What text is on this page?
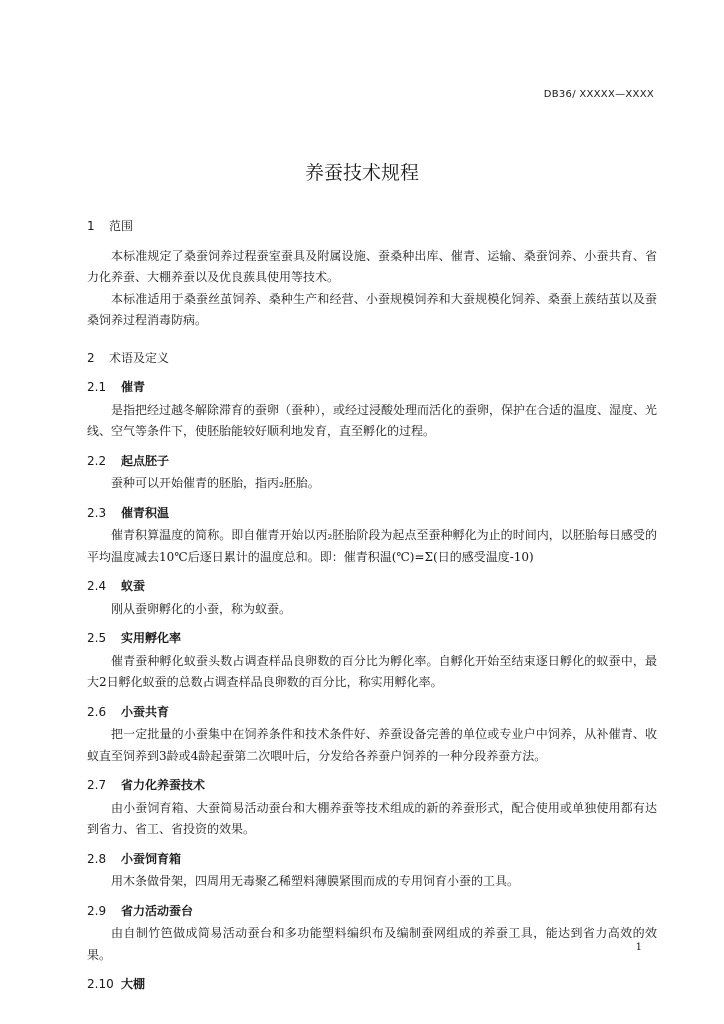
DB36/ XXXXX—XXXX
养蚕技术规程
1 范围

本标准规定了桑蚕饲养过程蚕室蚕具及附属设施、蚕桑种出库、催青、运输、桑蚕饲养、小蚕共育、省力化养蚕、大棚养蚕以及优良蔟具使用等技术。

本标准适用于桑蚕丝茧饲养、桑种生产和经营、小蚕规模饲养和大蚕规模化饲养、桑蚕上蔟结茧以及蚕桑饲养过程消毒防病。

2 术语及定义
2.1 催青

是指把经过越冬解除滞育的蚕卵（蚕种），或经过浸酸处理而活化的蚕卵，保护在合适的温度、湿度、光线、空气等条件下，使胚胎能较好顺利地发育，直至孵化的过程。

2.2 起点胚子

蚕种可以开始催青的胚胎，指丙₂胚胎。

2.3 催青积温

催青积算温度的简称。即自催青开始以丙₂胚胎阶段为起点至蚕种孵化为止的时间内，以胚胎每日感受的平均温度减去10℃后逐日累计的温度总和。即：催青积温(℃)=Σ(日的感受温度-10)

2.4 蚁蚕

刚从蚕卵孵化的小蚕，称为蚁蚕。

2.5 实用孵化率

催青蚕种孵化蚁蚕头数占调查样品良卵数的百分比为孵化率。自孵化开始至结束逐日孵化的蚁蚕中，最大2日孵化蚁蚕的总数占调查样品良卵数的百分比，称实用孵化率。

2.6 小蚕共育

把一定批量的小蚕集中在饲养条件和技术条件好、养蚕设备完善的单位或专业户中饲养，从补催青、收蚁直至饲养到3龄或4龄起蚕第二次喂叶后，分发给各养蚕户饲养的一种分段养蚕方法。

2.7 省力化养蚕技术

由小蚕饲育箱、大蚕简易活动蚕台和大棚养蚕等技术组成的新的养蚕形式，配合使用或单独使用都有达到省力、省工、省投资的效果。

2.8 小蚕饲育箱

用木条做骨架，四周用无毒聚乙稀塑料薄膜紧围而成的专用饲育小蚕的工具。

2.9 省力活动蚕台

由自制竹笆做成简易活动蚕台和多功能塑料编织布及编制蚕网组成的养蚕工具，能达到省力高效的效果。

2.10 大棚
1
